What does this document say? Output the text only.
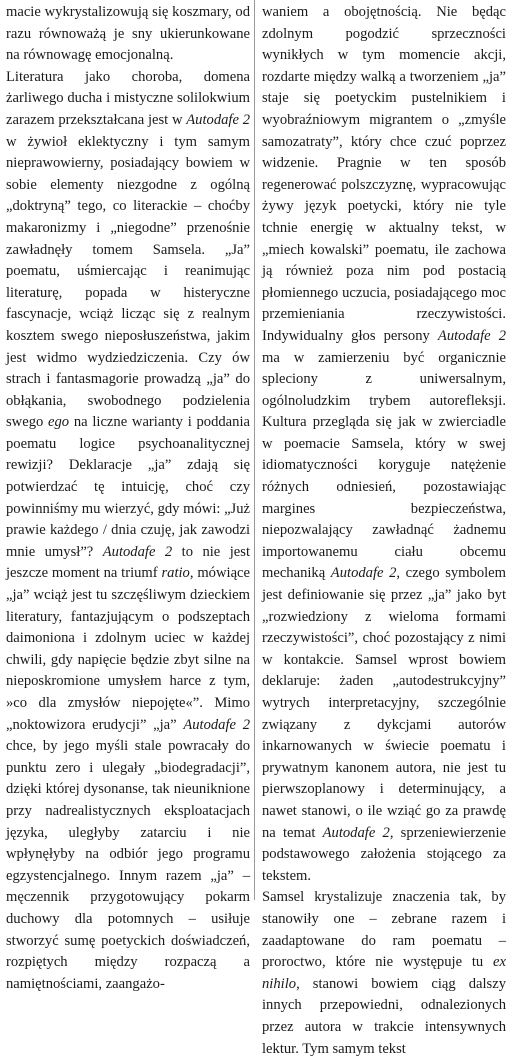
macie wykrystalizowują się koszmary, od razu równoważą je sny ukierunkowane na równowagę emocjonalną.

Literatura jako choroba, domena żarliwego ducha i mistyczne solilokwium zarazem przekształcana jest w Autodafe 2 w żywioł eklektyczny i tym samym nieprawowierny, posiadający bowiem w sobie elementy niezgodne z ogólną „doktryną” tego, co literackie – choćby makaronizmy i „niegodne” przenośnie zawładnęły tomem Samsela. „Ja” poematu, uśmiercając i reanimując literaturę, popada w histeryczne fascynacje, wciąż licząc się z realnym kosztem swego nieposłuszeństwa, jakim jest widmo wydziedziczenia. Czy ów strach i fantasmagorie prowadzą „ja” do obłąkania, swobodnego podzielenia swego ego na liczne warianty i poddania poematu logice psychoanalitycznej rewizji? Deklaracje „ja” zdają się potwierdzać tę intuicję, choć czy powinniśmy mu wierzyć, gdy mówi: „Już prawie każdego / dnia czuję, jak zawodzi mnie umysł”? Autodafe 2 to nie jest jeszcze moment na triumf ratio, mówiące „ja” wciąż jest tu szczęśliwym dzieckiem literatury, fantazjującym o podszeptach daimoniona i zdolnym uciec w każdej chwili, gdy napięcie będzie zbyt silne na nieposkromione umysłem harce z tym, »co dla zmysłów niepojęte«”. Mimo „noktowizora erudycji” „ja” Autodafe 2 chce, by jego myśli stale powracały do punktu zero i ulegały „biodegradacji”, dzięki której dysonanse, tak nieuniknione przy nadrealistycznych eksploatacjach języka, uległyby zatarciu i nie wpłynęłyby na odbiór jego programu egzystencjalnego. Innym razem „ja” – męczennik przygotowujący pokarm duchowy dla potomnych – usiłuje stworzyć sumę poetyckich doświadczeń, rozpiętych między rozpaczą a namiętnościami, zaangażo-

waniem a obojętnością. Nie będąc zdolnym pogodzić sprzeczności wynikłych w tym momencie akcji, rozdarte między walką a tworzeniem „ja” staje się poetyckim pustelnikiem i wyobraźniowym migrantem o „zmyśle samozatraty”, który chce czuć poprzez widzenie. Pragnie w ten sposób regenerować polszczyznę, wypracowując żywy język poetycki, który nie tyle tchnie energię w aktualny tekst, w „miech kowalski” poematu, ile zachowa ją również poza nim pod postacią płomiennego uczucia, posiadającego moc przemieniania rzeczywistości. Indywidualny głos persony Autodafe 2 ma w zamierzeniu być organicznie spleciony z uniwersalnym, ogólnoludzkim trybem autorefleksji. Kultura przegląda się jak w zwierciadle w poemacie Samsela, który w swej idiomatyczności koryguje natężenie różnych odniesień, pozostawiając margines bezpieczeństwa, niepozwalający zawładnąć żadnemu importowanemu ciału obcemu mechaniką Autodafe 2, czego symbolem jest definiowanie się przez „ja” jako byt „rozwiedziony z wieloma formami rzeczywistości”, choć pozostający z nimi w kontakcie. Samsel wprost bowiem deklaruje: żaden „autodestrukcyjny” wytrych interpretacyjny, szczególnie związany z dykcjami autorów inkarnowanych w świecie poematu i prywatnym kanonem autora, nie jest tu pierwszoplanowy i determinujący, a nawet stanowi, o ile wziąć go za prawdę na temat Autodafe 2, sprzeniewierzenie podstawowego założenia stojącego za tekstem.

Samsel krystalizuje znaczenia tak, by stanowiły one – zebrane razem i zaadaptowane do ram poematu – proroctwo, które nie występuje tu ex nihilo, stanowi bowiem ciąg dalszy innych przepowiedni, odnalezionych przez autora w trakcie intensywnych lektur. Tym samym tekst
